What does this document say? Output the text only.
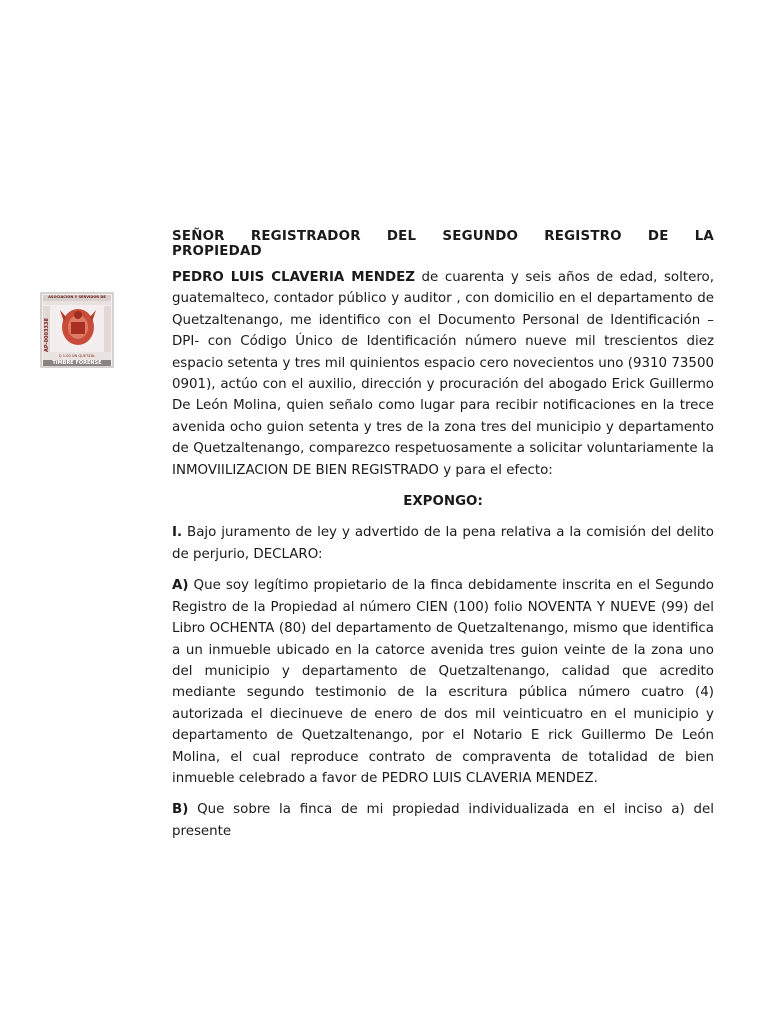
AP-0003338
ASOCIACION Y SERVIDOR DE
Q 1.00 UN QUETZAL
TIMBRE FORENSE
SEÑOR REGISTRADOR DEL SEGUNDO REGISTRO DE LA
PROPIEDAD

PEDRO LUIS CLAVERIA MENDEZ de cuarenta y seis años de edad, soltero, guatemalteco, contador público y auditor , con domicilio en el departamento de Quetzaltenango, me identifico con el Documento Personal de Identificación –DPI- con Código Único de Identificación número nueve mil trescientos diez espacio setenta y tres mil quinientos espacio cero novecientos uno (9310 73500 0901), actúo con el auxilio, dirección y procuración del abogado Erick Guillermo De León Molina, quien señalo como lugar para recibir notificaciones en la trece avenida ocho guion setenta y tres de la zona tres del municipio y departamento de Quetzaltenango, comparezco respetuosamente a solicitar voluntariamente la INMOVIILIZACION DE BIEN REGISTRADO y para el efecto:

EXPONGO:

I. Bajo juramento de ley y advertido de la pena relativa a la comisión del delito de perjurio, DECLARO:

A) Que soy legítimo propietario de la finca debidamente inscrita en el Segundo Registro de la Propiedad al número CIEN (100) folio NOVENTA Y NUEVE (99) del Libro OCHENTA (80) del departamento de Quetzaltenango, mismo que identifica a un inmueble ubicado en la catorce avenida tres guion veinte de la zona uno del municipio y departamento de Quetzaltenango, calidad que acredito mediante segundo testimonio de la escritura pública número cuatro (4) autorizada el diecinueve de enero de dos mil veinticuatro en el municipio y departamento de Quetzaltenango, por el Notario E rick Guillermo De León Molina, el cual reproduce contrato de compraventa de totalidad de bien inmueble celebrado a favor de PEDRO LUIS CLAVERIA MENDEZ.

B) Que sobre la finca de mi propiedad individualizada en el inciso a) del presente
